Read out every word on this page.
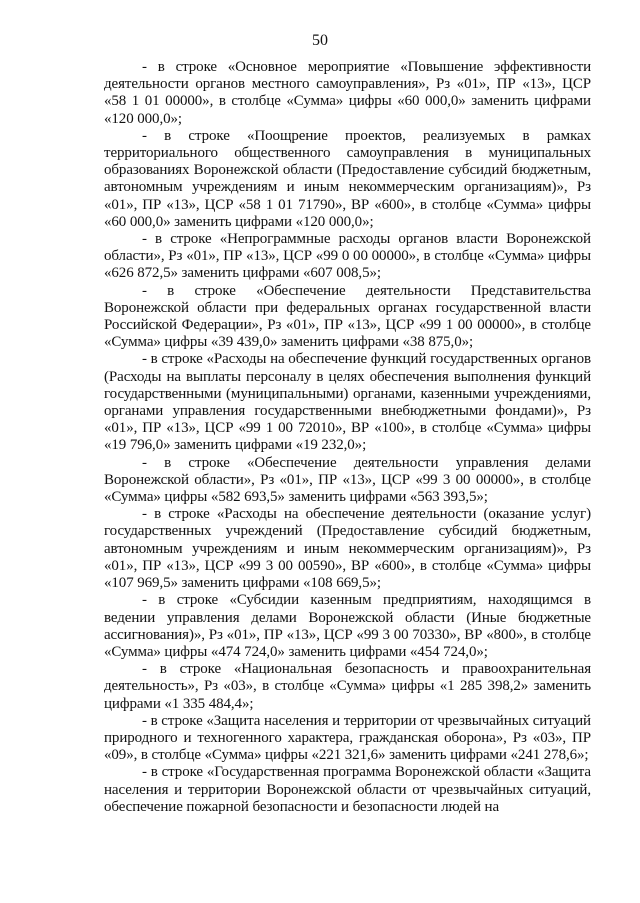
50

- в строке «Основное мероприятие «Повышение эффективности деятельности органов местного самоуправления», Рз «01», ПР «13», ЦСР «58 1 01 00000», в столбце «Сумма» цифры «60 000,0» заменить цифрами «120 000,0»;

- в строке «Поощрение проектов, реализуемых в рамках территориального общественного самоуправления в муниципальных образованиях Воронежской области (Предоставление субсидий бюджетным, автономным учреждениям и иным некоммерческим организациям)», Рз «01», ПР «13», ЦСР «58 1 01 71790», ВР «600», в столбце «Сумма» цифры «60 000,0» заменить цифрами «120 000,0»;

- в строке «Непрограммные расходы органов власти Воронежской области», Рз «01», ПР «13», ЦСР «99 0 00 00000», в столбце «Сумма» цифры «626 872,5» заменить цифрами «607 008,5»;

- в строке «Обеспечение деятельности Представительства Воронежской области при федеральных органах государственной власти Российской Федерации», Рз «01», ПР «13», ЦСР «99 1 00 00000», в столбце «Сумма» цифры «39 439,0» заменить цифрами «38 875,0»;

- в строке «Расходы на обеспечение функций государственных органов (Расходы на выплаты персоналу в целях обеспечения выполнения функций государственными (муниципальными) органами, казенными учреждениями, органами управления государственными внебюджетными фондами)», Рз «01», ПР «13», ЦСР «99 1 00 72010», ВР «100», в столбце «Сумма» цифры «19 796,0» заменить цифрами «19 232,0»;

- в строке «Обеспечение деятельности управления делами Воронежской области», Рз «01», ПР «13», ЦСР «99 3 00 00000», в столбце «Сумма» цифры «582 693,5» заменить цифрами «563 393,5»;

- в строке «Расходы на обеспечение деятельности (оказание услуг) государственных учреждений (Предоставление субсидий бюджетным, автономным учреждениям и иным некоммерческим организациям)», Рз «01», ПР «13», ЦСР «99 3 00 00590», ВР «600», в столбце «Сумма» цифры «107 969,5» заменить цифрами «108 669,5»;

- в строке «Субсидии казенным предприятиям, находящимся в ведении управления делами Воронежской области (Иные бюджетные ассигнования)», Рз «01», ПР «13», ЦСР «99 3 00 70330», ВР «800», в столбце «Сумма» цифры «474 724,0» заменить цифрами «454 724,0»;

- в строке «Национальная безопасность и правоохранительная деятельность», Рз «03», в столбце «Сумма» цифры «1 285 398,2» заменить цифрами «1 335 484,4»;

- в строке «Защита населения и территории от чрезвычайных ситуаций природного и техногенного характера, гражданская оборона», Рз «03», ПР «09», в столбце «Сумма» цифры «221 321,6» заменить цифрами «241 278,6»;

- в строке «Государственная программа Воронежской области «Защита населения и территории Воронежской области от чрезвычайных ситуаций, обеспечение пожарной безопасности и безопасности людей на
